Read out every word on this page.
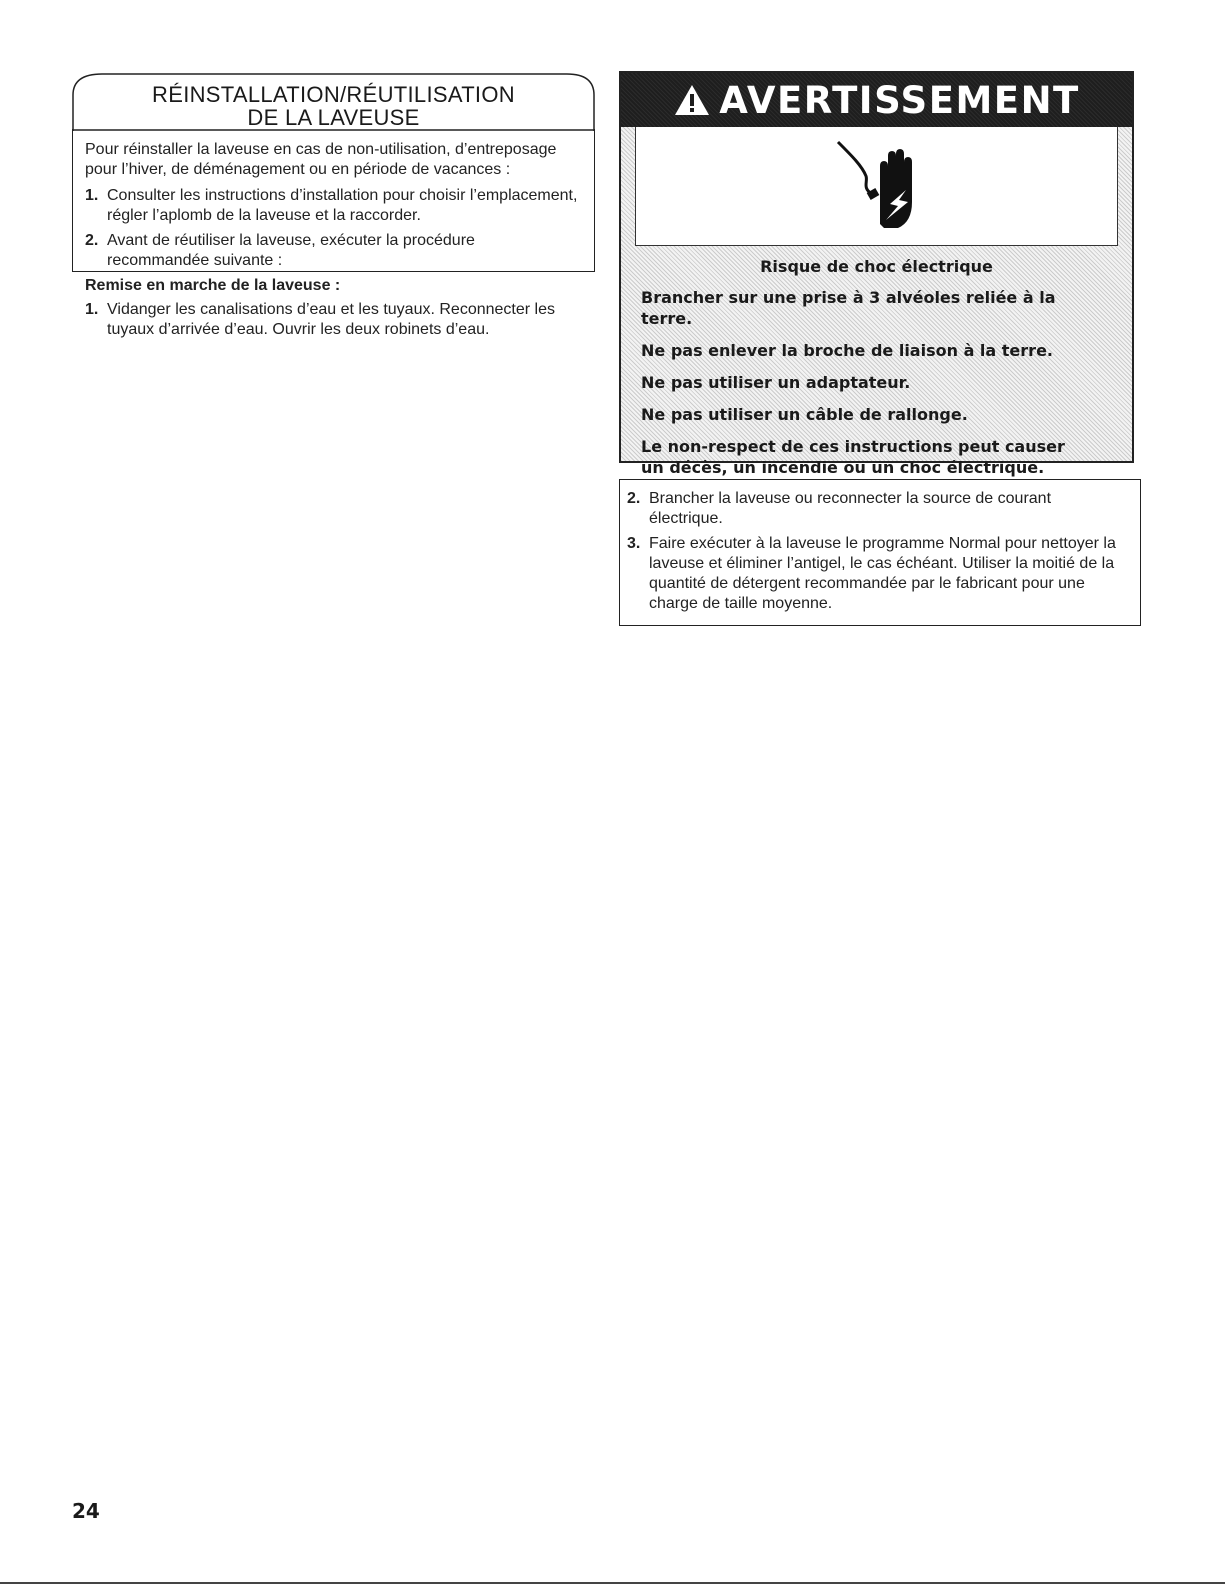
RÉINSTALLATION/RÉUTILISATION
DE LA LAVEUSE

Pour réinstaller la laveuse en cas de non-utilisation, d’entreposage pour l’hiver, de déménagement ou en période de vacances :

1. Consulter les instructions d’installation pour choisir l’emplacement, régler l’aplomb de la laveuse et la raccorder.
2. Avant de réutiliser la laveuse, exécuter la procédure recommandée suivante :
Remise en marche de la laveuse :
1. Vidanger les canalisations d’eau et les tuyaux. Reconnecter les tuyaux d’arrivée d’eau. Ouvrir les deux robinets d’eau.
AVERTISSEMENT
Risque de choc électrique
Brancher sur une prise à 3 alvéoles reliée à la terre.
Ne pas enlever la broche de liaison à la terre.
Ne pas utiliser un adaptateur.
Ne pas utiliser un câble de rallonge.
Le non-respect de ces instructions peut causer
un décès, un incendie ou un choc électrique.
2. Brancher la laveuse ou reconnecter la source de courant électrique.
3. Faire exécuter à la laveuse le programme Normal pour nettoyer la laveuse et éliminer l’antigel, le cas échéant. Utiliser la moitié de la quantité de détergent recommandée par le fabricant pour une charge de taille moyenne.
24
